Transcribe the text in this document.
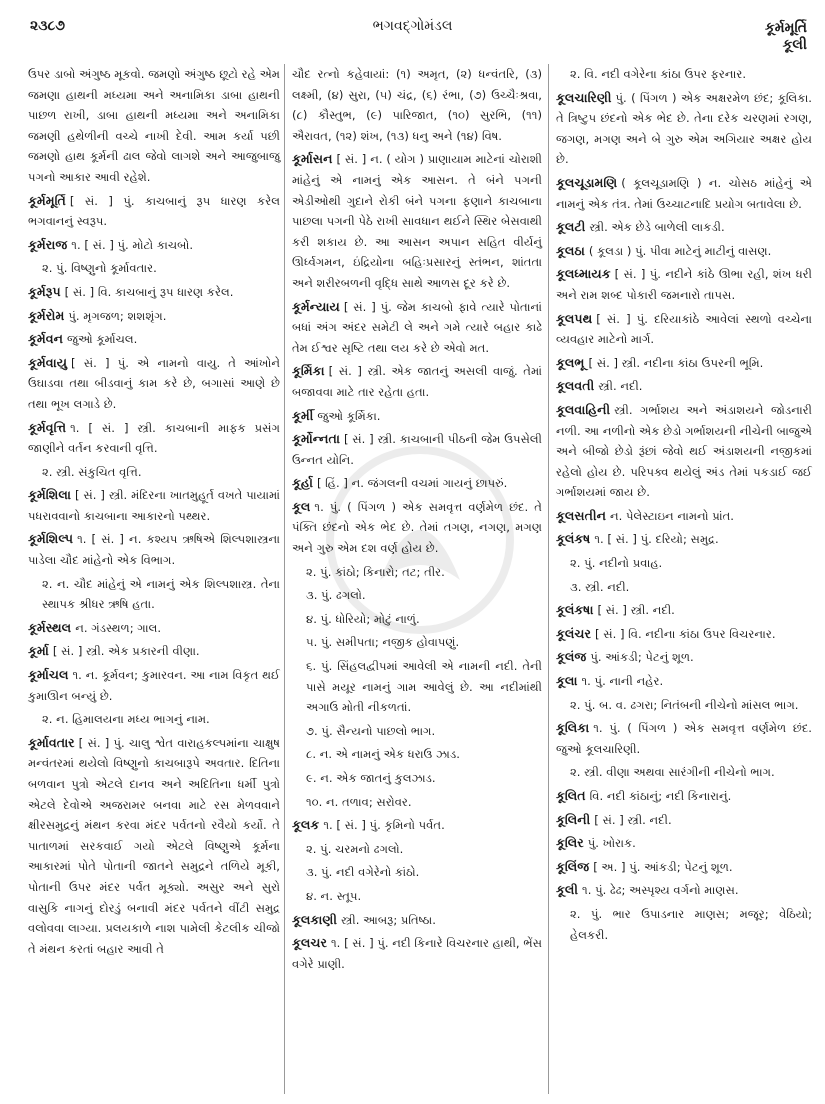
૨૩૮૭	ભગવદ્ગોમંડલ	કૂર્મમૂર્તિ
કૂલી
ઉપર ડાબો અંગુષ્ઠ મૂકવો. જમણો અંગુષ્ઠ છૂટો રહે એમ જમણા હાથની મધ્યમા અને અનામિકા ડાબા હાથની પાછળ રાખી, ડાબા હાથની મધ્યમા અને અનામિકા જમણી હથેળીની વચ્ચે નાખી દેવી. આમ કર્યા પછી જમણો હાથ કૂર્મની ઢાલ જેવો લાગશે અને આજુબાજુ પગનો આકાર આવી રહેશે.
કૂર્મમૂર્તિ [ સં. ] પું. કાચબાનું રૂપ ધારણ કરેલ ભગવાનનું સ્વરૂપ.
કૂર્મરાજ ૧. [ સં. ] પું. મોટો કાચબો.
૨. પું. વિષ્ણુનો કૂર્માવતાર.
કૂર્મરૂપ [ સં. ] વિ. કાચબાનું રૂપ ધારણ કરેલ.
કૂર્મરોમ પું. મૃગજળ; શશશૃંગ.
કૂર્મવન જુઓ કૂર્માચલ.
કૂર્મવાયુ [ સં. ] પું. એ નામનો વાયુ. તે આંખોને ઉઘાડવા તથા બીડવાનું કામ કરે છે, બગાસાં આણે છે તથા ભૂખ લગાડે છે.
કૂર્મવૃત્તિ ૧. [ સં. ] સ્ત્રી. કાચબાની માફક પ્રસંગ જાણીને વર્તન કરવાની વૃત્તિ.
૨. સ્ત્રી. સંકુચિત વૃત્તિ.
કૂર્મશિલા [ સં. ] સ્ત્રી. મંદિરના ખાતમુહૂર્ત વખતે પાયામાં પધરાવવાનો કાચબાના આકારનો પથ્થર.
કૂર્મશિલ્પ ૧. [ સં. ] ન. કશ્યપ ઋષિએ શિલ્પશાસ્ત્રના પાડેલા ચૌદ માંહેનો એક વિભાગ.
૨. ન. ચૌદ માંહેનું એ નામનું એક શિલ્પશાસ્ત્ર. તેના સ્થાપક શ્રીધર ઋષિ હતા.
કૂર્મસ્થલ ન. ગંડસ્થળ; ગાલ.
કૂર્મા [ સં. ] સ્ત્રી. એક પ્રકારની વીણા.
કૂર્માચલ ૧. ન. કૂર્મવન; કુમારવન. આ નામ વિકૃત થઈ કુમાઊન બન્યું છે.
૨. ન. હિમાલયના મધ્ય ભાગનું નામ.
કૂર્માવતાર [ સં. ] પું. ચાલુ શ્વેત વારાહકલ્પમાંના ચાક્ષુષ મન્વંતરમાં થયેલો વિષ્ણુનો કાચબારૂપે અવતાર. દિતિના બળવાન પુત્રો એટલે દાનવ અને અદિતિના ધર્મી પુત્રો એટલે દેવોએ અજરામર બનવા માટે રસ મેળવવાને ક્ષીરસમુદ્રનું મંથન કરવા મંદર પર્વતનો રવૈયો કર્યો. તે પાતાળમાં સરકવાઈ ગયો એટલે વિષ્ણુએ કૂર્મના આકારમાં પોતે પોતાની જાતને સમુદ્રને તળિયે મૂકી, પોતાની ઉપર મંદર પર્વત મૂક્યો. અસુર અને સુરો વાસુકિ નાગનું દોરડું બનાવી મંદર પર્વતને વીંટી સમુદ્ર વલોવવા લાગ્યા. પ્રલયકાળે નાશ પામેલી કેટલીક ચીજો તે મંથન કરતાં બહાર આવી તે
ચૌદ રત્નો કહેવાયાં: (૧) અમૃત, (૨) ધન્વંતરિ, (૩) લક્ષ્મી, (૪) સુરા, (૫) ચંદ્ર, (૬) રંભા, (૭) ઉચ્ચૈઃશ્રવા, (૮) કૌસ્તુભ, (૯) પારિજાત, (૧૦) સુરભિ, (૧૧) ઐરાવત, (૧૨) શંખ, (૧૩) ધનુ અને (૧૪) વિષ.
કૂર્માસન [ સં. ] ન. ( યોગ ) પ્રાણાયામ માટેનાં ચોરાશી માંહેનું એ નામનું એક આસન. તે બંને પગની એડીઓથી ગુદાને રોકી બંને પગના ફણાને કાચબાના પાછલા પગની પેઠે રાખી સાવધાન થઈને સ્થિર બેસવાથી કરી શકાય છે. આ આસન અપાન સહિત વીર્યનું ઊર્ધ્વગમન, ઇંદ્રિયોના બહિઃપ્રસારનું સ્તંભન, શાંતતા અને શરીરબળની વૃદ્ધિ સાથે આળસ દૂર કરે છે.
કૂર્મન્યાય [ સં. ] પું. જેમ કાચબો ફાવે ત્યારે પોતાનાં બધાં અંગ અંદર સમેટી લે અને ગમે ત્યારે બહાર કાઢે તેમ ઈશ્વર સૃષ્ટિ તથા લય કરે છે એવો મત.
કૂર્મિકા [ સં. ] સ્ત્રી. એક જાતનું અસલી વાજું. તેમાં બજાવવા માટે તાર રહેતા હતા.
કૂર્મી જુઓ કૂર્મિકા.
કૂર્મોન્નતા [ સં. ] સ્ત્રી. કાચબાની પીઠની જેમ ઉપસેલી ઉન્નત યોનિ.
કૂર્હા [ હિં. ] ન. જંગલની વચમાં ગાયનું છાપરું.
કૂલ ૧. પું. ( પિંગળ ) એક સમવૃત્ત વર્ણમેળ છંદ. તે પંક્તિ છંદનો એક ભેદ છે. તેમાં તગણ, નગણ, મગણ અને ગુરુ એમ દશ વર્ણ હોય છે.
૨. પું. કાંઠો; કિનારો; તટ; તીર.
૩. પું. ઢગલો.
૪. પું. ધોરિયો; મોટું નાળું.
૫. પું. સમીપતા; નજીક હોવાપણું.
૬. પું. સિંહલદ્વીપમાં આવેલી એ નામની નદી. તેની પાસે મયૂર નામનું ગામ આવેલું છે. આ નદીમાંથી અગાઉ મોતી નીકળતાં.
૭. પું. સૈન્યનો પાછલો ભાગ.
૮. ન. એ નામનું એક ધરાઉ ઝાડ.
૯. ન. એક જાતનું કુલઝાડ.
૧૦. ન. તળાવ; સરોવર.
કૂલક ૧. [ સં. ] પું. કૃમિનો પર્વત.
૨. પું. ચરમનો ઢગલો.
૩. પું. નદી વગેરેનો કાંઠો.
૪. ન. સ્તૂપ.
કૂલકાણી સ્ત્રી. આબરૂ; પ્રતિષ્ઠા.
કૂલચર ૧. [ સં. ] પું. નદી કિનારે વિચરનાર હાથી, ભેંસ વગેરે પ્રાણી.
૨. વિ. નદી વગેરેના કાંઠા ઉપર ફરનાર.
કૂલચારિણી પું. ( પિંગળ ) એક અક્ષરમેળ છંદ; કૂલિકા. તે ત્રિષ્ટુપ છંદનો એક ભેદ છે. તેના દરેક ચરણમાં રગણ, જગણ, મગણ અને બે ગુરુ એમ અગિયાર અક્ષર હોય છે.
કૂલચૂડામણિ ( કૂલચૂડામણિ ) ન. ચોસઠ માંહેનું એ નામનું એક તંત્ર. તેમાં ઉચ્ચાટનાદિ પ્રયોગ બતાવેલા છે.
કૂલટી સ્ત્રી. એક છેડે બાળેલી લાકડી.
કૂલઠા ( કૂલડા ) પું. પીવા માટેનું માટીનું વાસણ.
કૂલધ્માયક [ સં. ] પું. નદીને કાંઠે ઊભા રહી, શંખ ધરી અને રામ શબ્દ પોકારી જમનારો તાપસ.
કૂલપથ [ સં. ] પું. દરિયાકાંઠે આવેલાં સ્થળો વચ્ચેના વ્યવહાર માટેનો માર્ગ.
કૂલભૂ [ સં. ] સ્ત્રી. નદીના કાંઠા ઉપરની ભૂમિ.
કૂલવતી સ્ત્રી. નદી.
કૂલવાહિની સ્ત્રી. ગર્ભાશય અને અંડાશયને જોડનારી નળી. આ નળીનો એક છેડો ગર્ભાશયની નીચેની બાજુએ અને બીજો છેડો રૂંછાં જેવો થઈ અંડાશયની નજીકમાં રહેલો હોય છે. પરિપક્વ થયેલું અંડ તેમાં પકડાઈ જઈ ગર્ભાશયમાં જાય છે.
કૂલસતીન ન. પેલેસ્ટાઇન નામનો પ્રાંત.
કૂલંકષ ૧. [ સં. ] પું. દરિયો; સમુદ્ર.
૨. પું. નદીનો પ્રવાહ.
૩. સ્ત્રી. નદી.
કૂલંકષા [ સં. ] સ્ત્રી. નદી.
કૂલંચર [ સં. ] વિ. નદીના કાંઠા ઉપર વિચરનાર.
કૂલંજ પું. આંકડી; પેટનું શૂળ.
કૂલા ૧. પું. નાની નહેર.
૨. પું. બ. વ. ઢગરા; નિતંબની નીચેનો માંસલ ભાગ.
કૂલિકા ૧. પું. ( પિંગળ ) એક સમવૃત્ત વર્ણમેળ છંદ. જુઓ કૂલચારિણી.
૨. સ્ત્રી. વીણા અથવા સારંગીની નીચેનો ભાગ.
કૂલિત વિ. નદી કાંઠાનું; નદી કિનારાનું.
કૂલિની [ સં. ] સ્ત્રી. નદી.
કૂલિર પું. ખોરાક.
કૂલિંજ [ અ. ] પું. આંકડી; પેટનું શૂળ.
કૂલી ૧. પું. ઢેઢ; અસ્પૃશ્ય વર્ગનો માણસ.
૨. પું. ભાર ઉપાડનાર માણસ; મજૂર; વેઠિયો; હેલકરી.
